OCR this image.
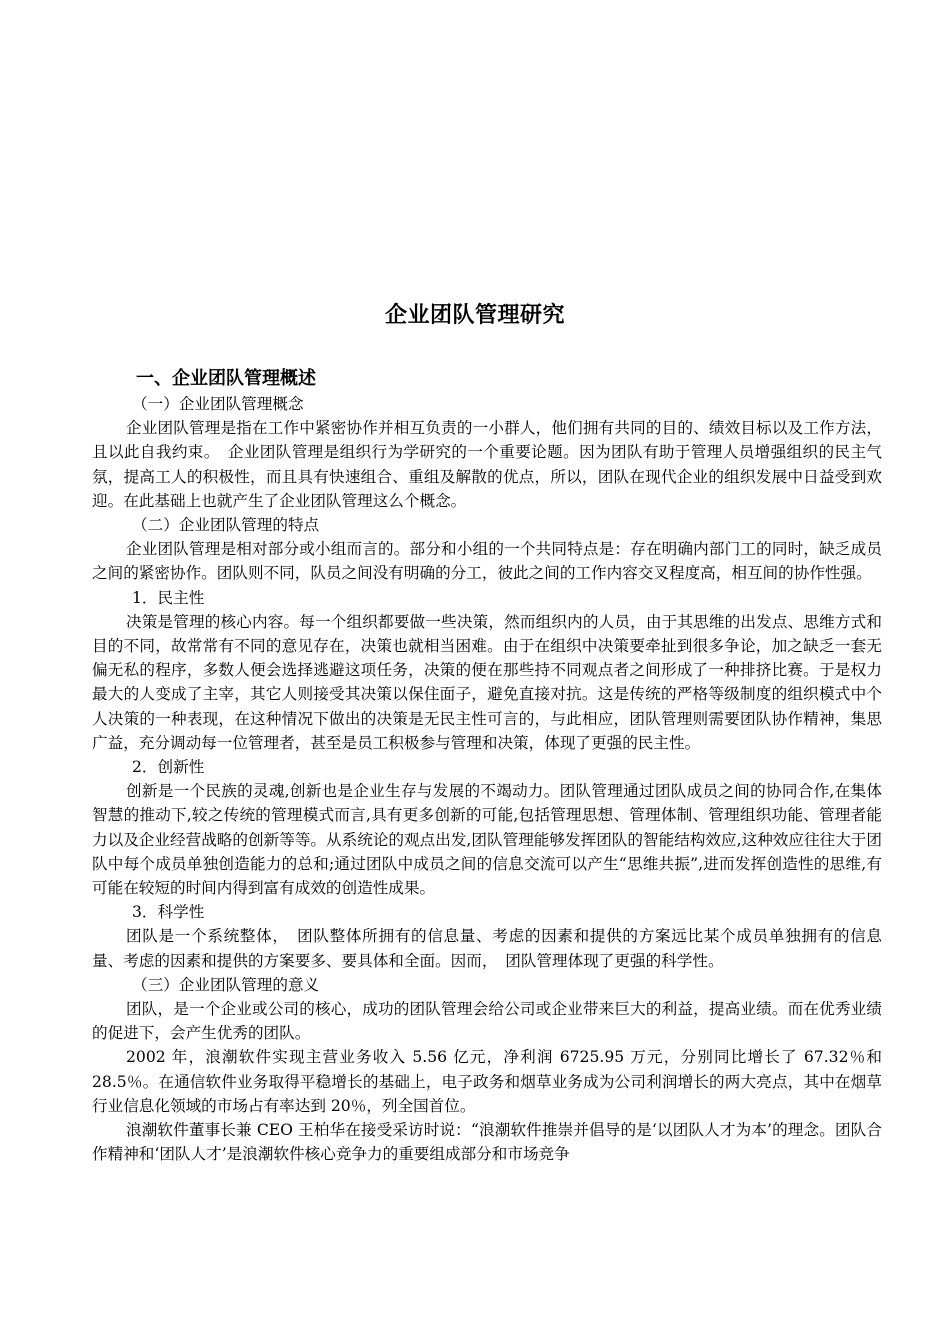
企业团队管理研究
一、企业团队管理概述

（一）企业团队管理概念

企业团队管理是指在工作中紧密协作并相互负责的一小群人，他们拥有共同的目的、绩效目标以及工作方法，且以此自我约束。　企业团队管理是组织行为学研究的一个重要论题。因为团队有助于管理人员增强组织的民主气氛，提高工人的积极性，而且具有快速组合、重组及解散的优点，所以，团队在现代企业的组织发展中日益受到欢迎。在此基础上也就产生了企业团队管理这么个概念。

（二）企业团队管理的特点

企业团队管理是相对部分或小组而言的。部分和小组的一个共同特点是：存在明确内部门工的同时，缺乏成员之间的紧密协作。团队则不同，队员之间没有明确的分工，彼此之间的工作内容交叉程度高，相互间的协作性强。

1．民主性

决策是管理的核心内容。每一个组织都要做一些决策，然而组织内的人员，由于其思维的出发点、思维方式和目的不同，故常常有不同的意见存在，决策也就相当困难。由于在组织中决策要牵扯到很多争论，加之缺乏一套无偏无私的程序，多数人便会选择逃避这项任务，决策的便在那些持不同观点者之间形成了一种排挤比赛。于是权力最大的人变成了主宰，其它人则接受其决策以保住面子，避免直接对抗。这是传统的严格等级制度的组织模式中个人决策的一种表现，在这种情况下做出的决策是无民主性可言的，与此相应，团队管理则需要团队协作精神，集思广益，充分调动每一位管理者，甚至是员工积极参与管理和决策，体现了更强的民主性。

2．创新性

创新是一个民族的灵魂,创新也是企业生存与发展的不竭动力。团队管理通过团队成员之间的协同合作,在集体智慧的推动下,较之传统的管理模式而言,具有更多创新的可能,包括管理思想、管理体制、管理组织功能、管理者能力以及企业经营战略的创新等等。从系统论的观点出发,团队管理能够发挥团队的智能结构效应,这种效应往往大于团队中每个成员单独创造能力的总和;通过团队中成员之间的信息交流可以产生“思维共振”,进而发挥创造性的思维,有可能在较短的时间内得到富有成效的创造性成果。

3．科学性

团队是一个系统整体，　团队整体所拥有的信息量、考虑的因素和提供的方案远比某个成员单独拥有的信息量、考虑的因素和提供的方案要多、要具体和全面。因而，　团队管理体现了更强的科学性。

（三）企业团队管理的意义

团队，是一个企业或公司的核心，成功的团队管理会给公司或企业带来巨大的利益，提高业绩。而在优秀业绩的促进下，会产生优秀的团队。

2002 年，浪潮软件实现主营业务收入 5.56 亿元，净利润 6725.95 万元，分别同比增长了 67.32％和 28.5％。在通信软件业务取得平稳增长的基础上，电子政务和烟草业务成为公司利润增长的两大亮点，其中在烟草行业信息化领域的市场占有率达到 20％，列全国首位。

浪潮软件董事长兼 CEO 王柏华在接受采访时说：“浪潮软件推崇并倡导的是‘以团队人才为本’的理念。团队合作精神和‘团队人才’是浪潮软件核心竞争力的重要组成部分和市场竞争
